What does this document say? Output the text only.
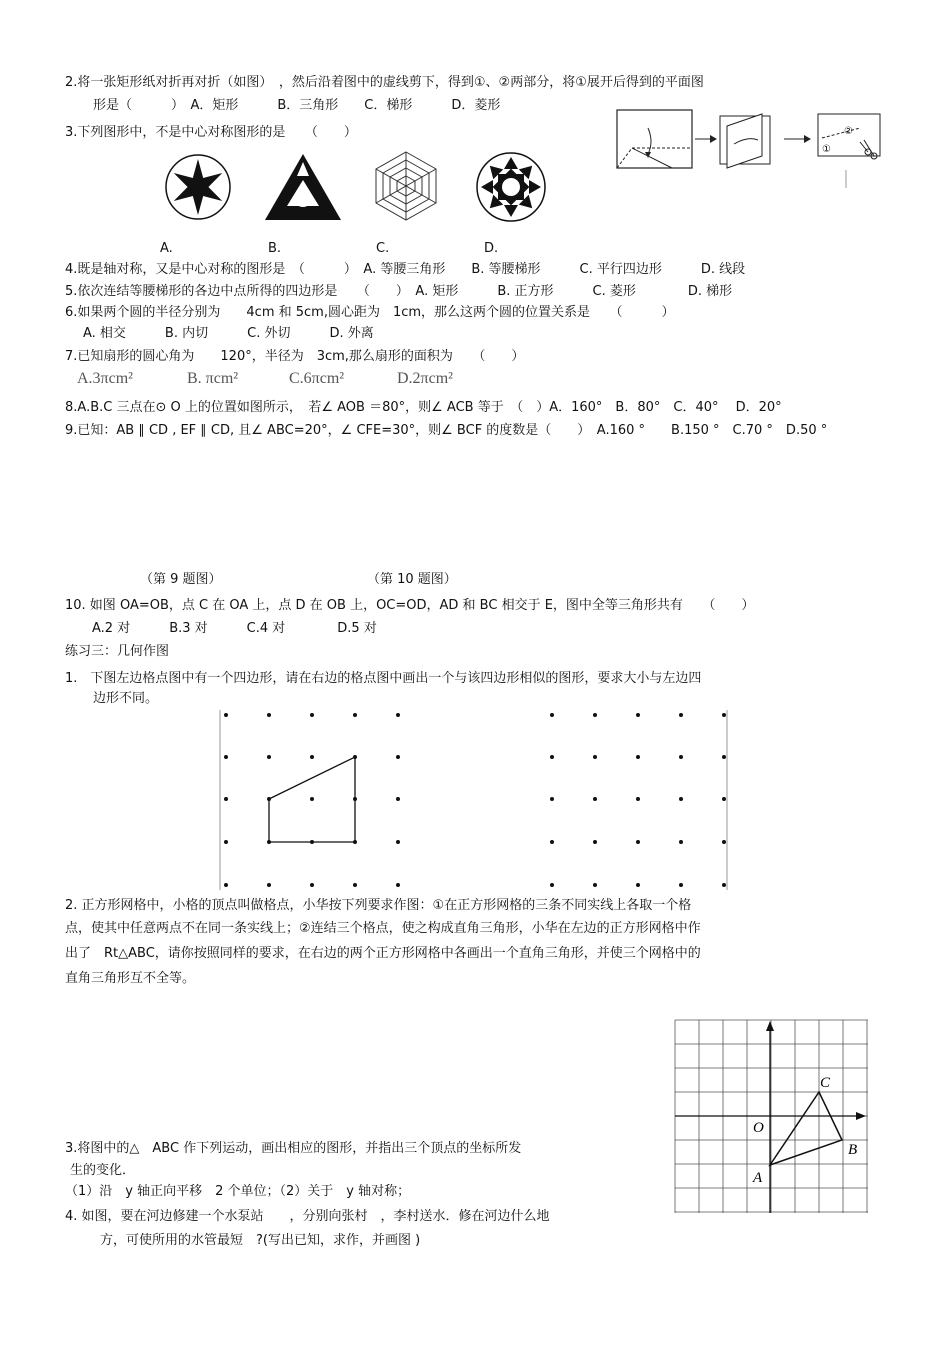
2.将一张矩形纸对折再对折（如图）　，然后沿着图中的虚线剪下，得到①、②两部分，将①展开后得到的平面图
形是（　　　）　A．矩形　　　B．三角形　　C．梯形　　　D．菱形
②
①
3.下列图形中，不是中心对称图形的是　　（　　）
A.	B.	C.	D.
4.既是轴对称，又是中心对称的图形是　（　　　）　A. 等腰三角形　　B. 等腰梯形　　　C. 平行四边形　　　D. 线段
5.依次连结等腰梯形的各边中点所得的四边形是　　（　　）　A. 矩形　　　B. 正方形　　　C. 菱形　　　　D. 梯形
6.如果两个圆的半径分别为　　4cm 和 5cm,圆心距为　1cm，那么这两个圆的位置关系是　　（　　　）
A. 相交　　　B. 内切　　　C. 外切　　　D. 外离
7.已知扇形的圆心角为　　120°，半径为　3cm,那么扇形的面积为　　（　　）
A.3πcm²	B. πcm²	C.6πcm²	D.2πcm²
8.A.B.C 三点在⊙ O 上的位置如图所示，　若∠ AOB ＝80°，则∠ ACB 等于　（　）A．160°　B．80°　C．40°　 D．20°
9.已知：AB ∥ CD , EF ∥ CD, 且∠ ABC=20°，∠ CFE=30°，则∠ BCF 的度数是（　　）　A.160 °　　B.150 °　C.70 °　D.50 °
（第 9 题图）	（第 10 题图）
10. 如图 OA=OB，点 C 在 OA 上，点 D 在 OB 上，OC=OD，AD 和 BC 相交于 E，图中全等三角形共有　　（　　）
A.2 对　　　B.3 对　　　C.4 对　　　　D.5 对
练习三：几何作图
1.　下图左边格点图中有一个四边形，请在右边的格点图中画出一个与该四边形相似的图形，要求大小与左边四
边形不同。
2. 正方形网格中，小格的顶点叫做格点，小华按下列要求作图：①在正方形网格的三条不同实线上各取一个格
点，使其中任意两点不在同一条实线上；②连结三个格点，使之构成直角三角形，小华在左边的正方形网格中作
出了　Rt△ABC，请你按照同样的要求，在右边的两个正方形网格中各画出一个直角三角形，并使三个网格中的
直角三角形互不全等。
O
A
B
C
3.将图中的△　ABC 作下列运动，画出相应的图形，并指出三个顶点的坐标所发
生的变化．
（1）沿　y 轴正向平移　2 个单位；（2）关于　y 轴对称；
4. 如图，要在河边修建一个水泵站　　，分别向张村　，李村送水．修在河边什么地
方，可使所用的水管最短　?(写出已知，求作，并画图 )
